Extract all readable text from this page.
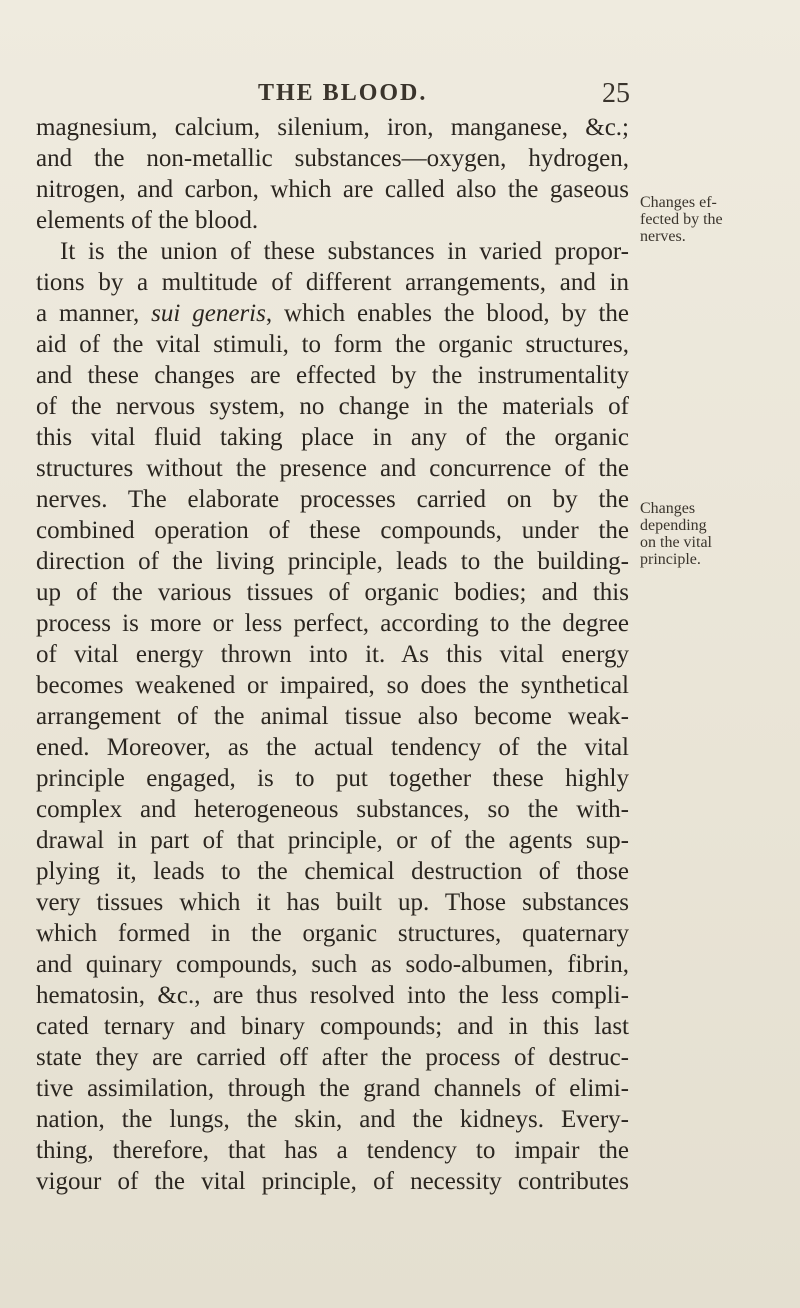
THE BLOOD.	25
magnesium, calcium, silenium, iron, manganese, &c.;
and the non-metallic substances—oxygen, hydrogen,
nitrogen, and carbon, which are called also the gaseous
elements of the blood.
It is the union of these substances in varied propor-
tions by a multitude of different arrangements, and in
a manner, sui generis, which enables the blood, by the
aid of the vital stimuli, to form the organic structures,
and these changes are effected by the instrumentality
of the nervous system, no change in the materials of
this vital fluid taking place in any of the organic
structures without the presence and concurrence of the
nerves. The elaborate processes carried on by the
combined operation of these compounds, under the
direction of the living principle, leads to the building-
up of the various tissues of organic bodies; and this
process is more or less perfect, according to the degree
of vital energy thrown into it. As this vital energy
becomes weakened or impaired, so does the synthetical
arrangement of the animal tissue also become weak-
ened. Moreover, as the actual tendency of the vital
principle engaged, is to put together these highly
complex and heterogeneous substances, so the with-
drawal in part of that principle, or of the agents sup-
plying it, leads to the chemical destruction of those
very tissues which it has built up. Those substances
which formed in the organic structures, quaternary
and quinary compounds, such as sodo-albumen, fibrin,
hematosin, &c., are thus resolved into the less compli-
cated ternary and binary compounds; and in this last
state they are carried off after the process of destruc-
tive assimilation, through the grand channels of elimi-
nation, the lungs, the skin, and the kidneys. Every-
thing, therefore, that has a tendency to impair the
vigour of the vital principle, of necessity contributes
Changes ef-
fected by the
nerves.
Changes
depending
on the vital
principle.
